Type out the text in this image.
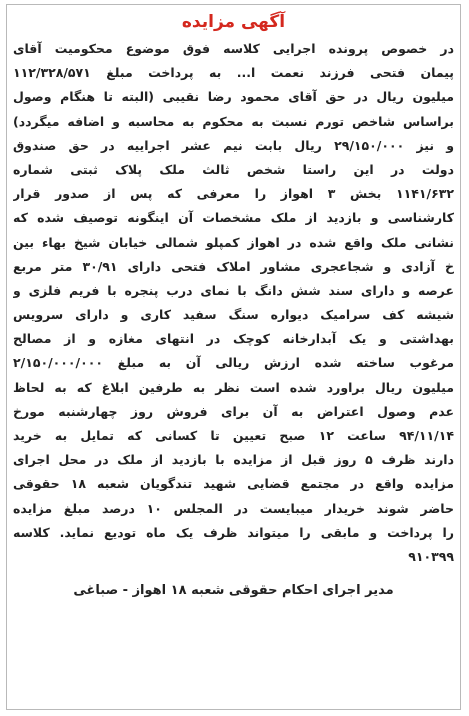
آگهی مزایده
در خصوص پرونده اجرایی کلاسه فوق موضوع محکومیت آقای
پیمان فتحی فرزند نعمت ا... به پرداخت مبلغ ۱۱۲/۳۲۸/۵۷۱
میلیون ریال در حق آقای محمود رضا نقیبی (البته تا هنگام وصول
براساس شاخص تورم نسبت به محکوم به محاسبه و اضافه میگردد)
و نیز ۲۹/۱۵۰/۰۰۰ ریال بابت نیم عشر اجراییه در حق صندوق
دولت در این راستا شخص ثالث ملک پلاک ثبتی شماره
۱۱۴۱/۶۳۲ بخش ۳ اهواز را معرفی که پس از صدور قرار
کارشناسی و بازدید از ملک مشخصات آن اینگونه توصیف شده که
نشانی ملک واقع شده در اهواز کمپلو شمالی خیابان شیخ بهاء بین
خ آزادی و شجاعجری مشاور املاک فتحی دارای ۳۰/۹۱ متر مربع
عرصه و دارای سند شش دانگ با نمای درب پنجره با فریم فلزی و
شیشه کف سرامیک دیواره سنگ سفید کاری و دارای سرویس
بهداشتی و یک آبدارخانه کوچک در انتهای مغازه و از مصالح
مرغوب ساخته شده ارزش ریالی آن به مبلغ ۲/۱۵۰/۰۰۰/۰۰۰
میلیون ریال براورد شده است نظر به طرفین ابلاغ که به لحاظ
عدم وصول اعتراض به آن برای فروش روز چهارشنبه مورخ
۹۴/۱۱/۱۴ ساعت ۱۲ صبح تعیین تا کسانی که تمایل به خرید
دارند ظرف ۵ روز قبل از مزایده با بازدید از ملک در محل اجرای
مزایده واقع در مجتمع قضایی شهید تندگویان شعبه ۱۸ حقوقی
حاضر شوند خریدار میبایست در المجلس ۱۰ درصد مبلغ مزایده
را پرداخت و مابقی را میتواند ظرف یک ماه تودیع نماید. کلاسه
۹۱۰۳۹۹
مدیر اجرای احکام حقوقی شعبه ۱۸ اهواز - صباغی
